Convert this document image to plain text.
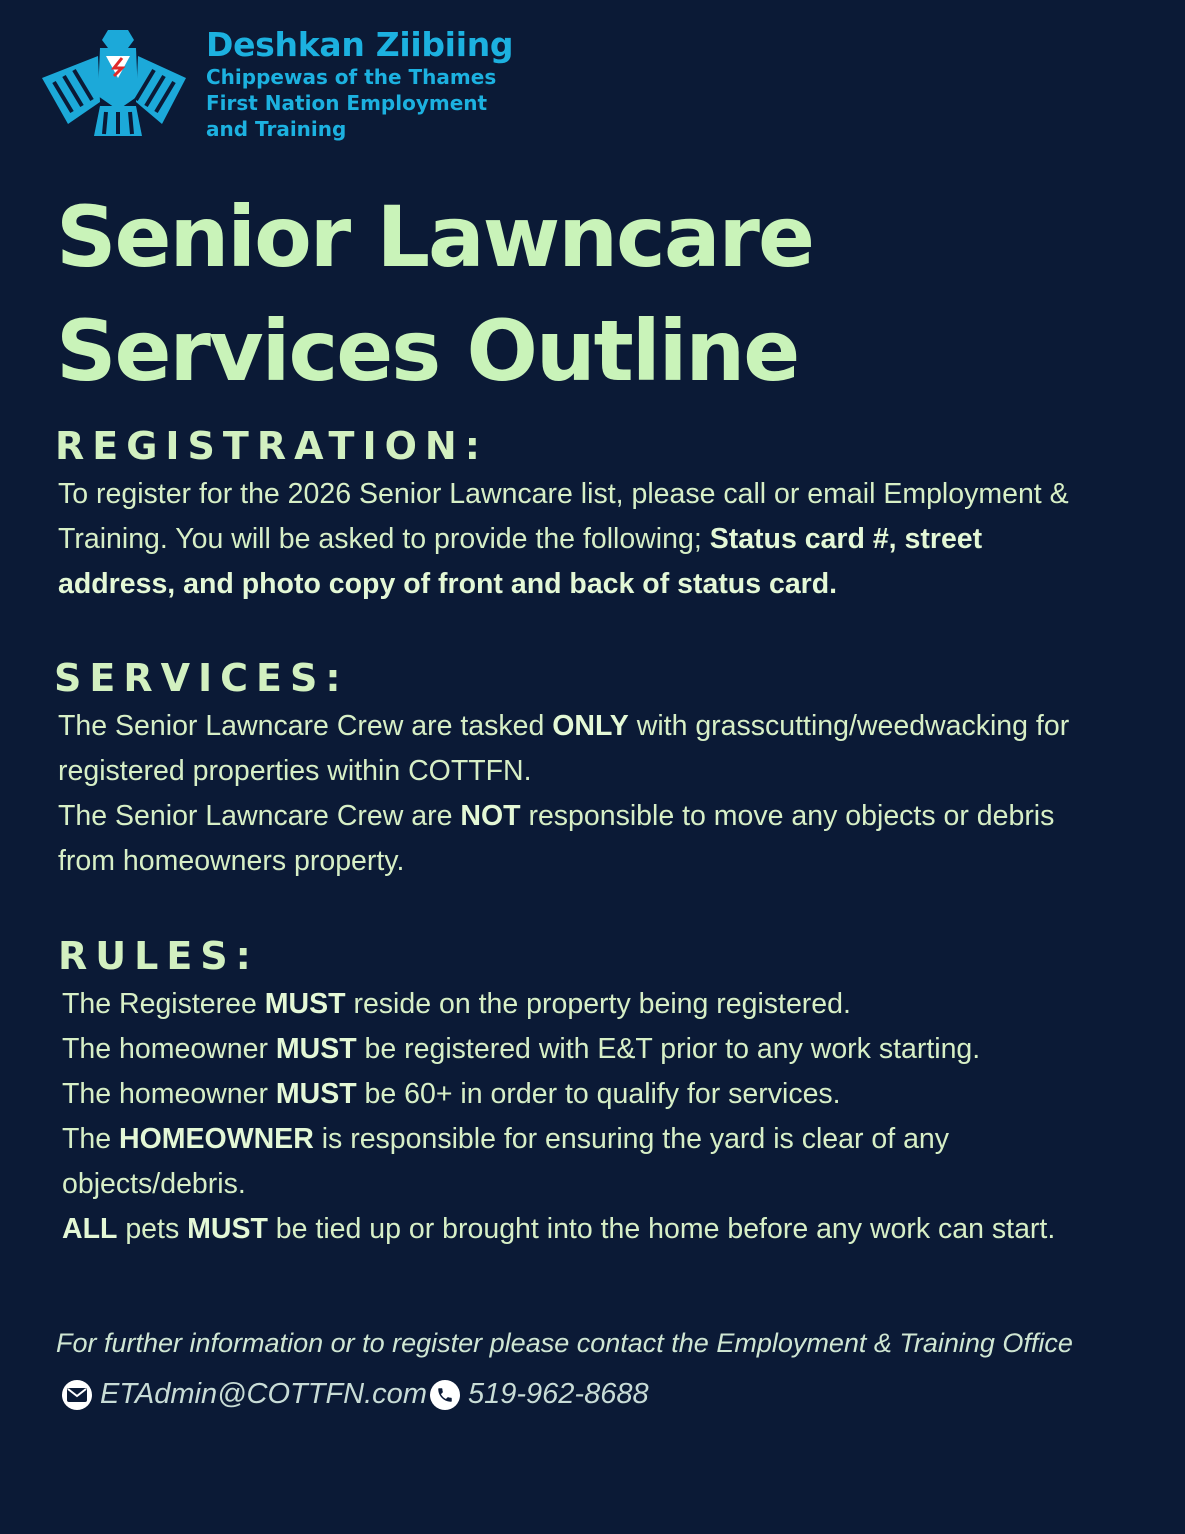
Deshkan Ziibiing
Chippewas of the Thames
First Nation Employment
and Training
Senior Lawncare
Services Outline
REGISTRATION:

To register for the 2026 Senior Lawncare list, please call or email Employment &
Training. You will be asked to provide the following; Status card #, street
address, and photo copy of front and back of status card.

SERVICES:

The Senior Lawncare Crew are tasked ONLY with grasscutting/weedwacking for
registered properties within COTTFN.
The Senior Lawncare Crew are NOT responsible to move any objects or debris
from homeowners property.

RULES:

The Registeree MUST reside on the property being registered.
The homeowner MUST be registered with E&T prior to any work starting.
The homeowner MUST be 60+ in order to qualify for services.
The HOMEOWNER is responsible for ensuring the yard is clear of any
objects/debris.
ALL pets MUST be tied up or brought into the home before any work can start.

For further information or to register please contact the Employment & Training Office

ETAdmin@COTTFN.com 519-962-8688
